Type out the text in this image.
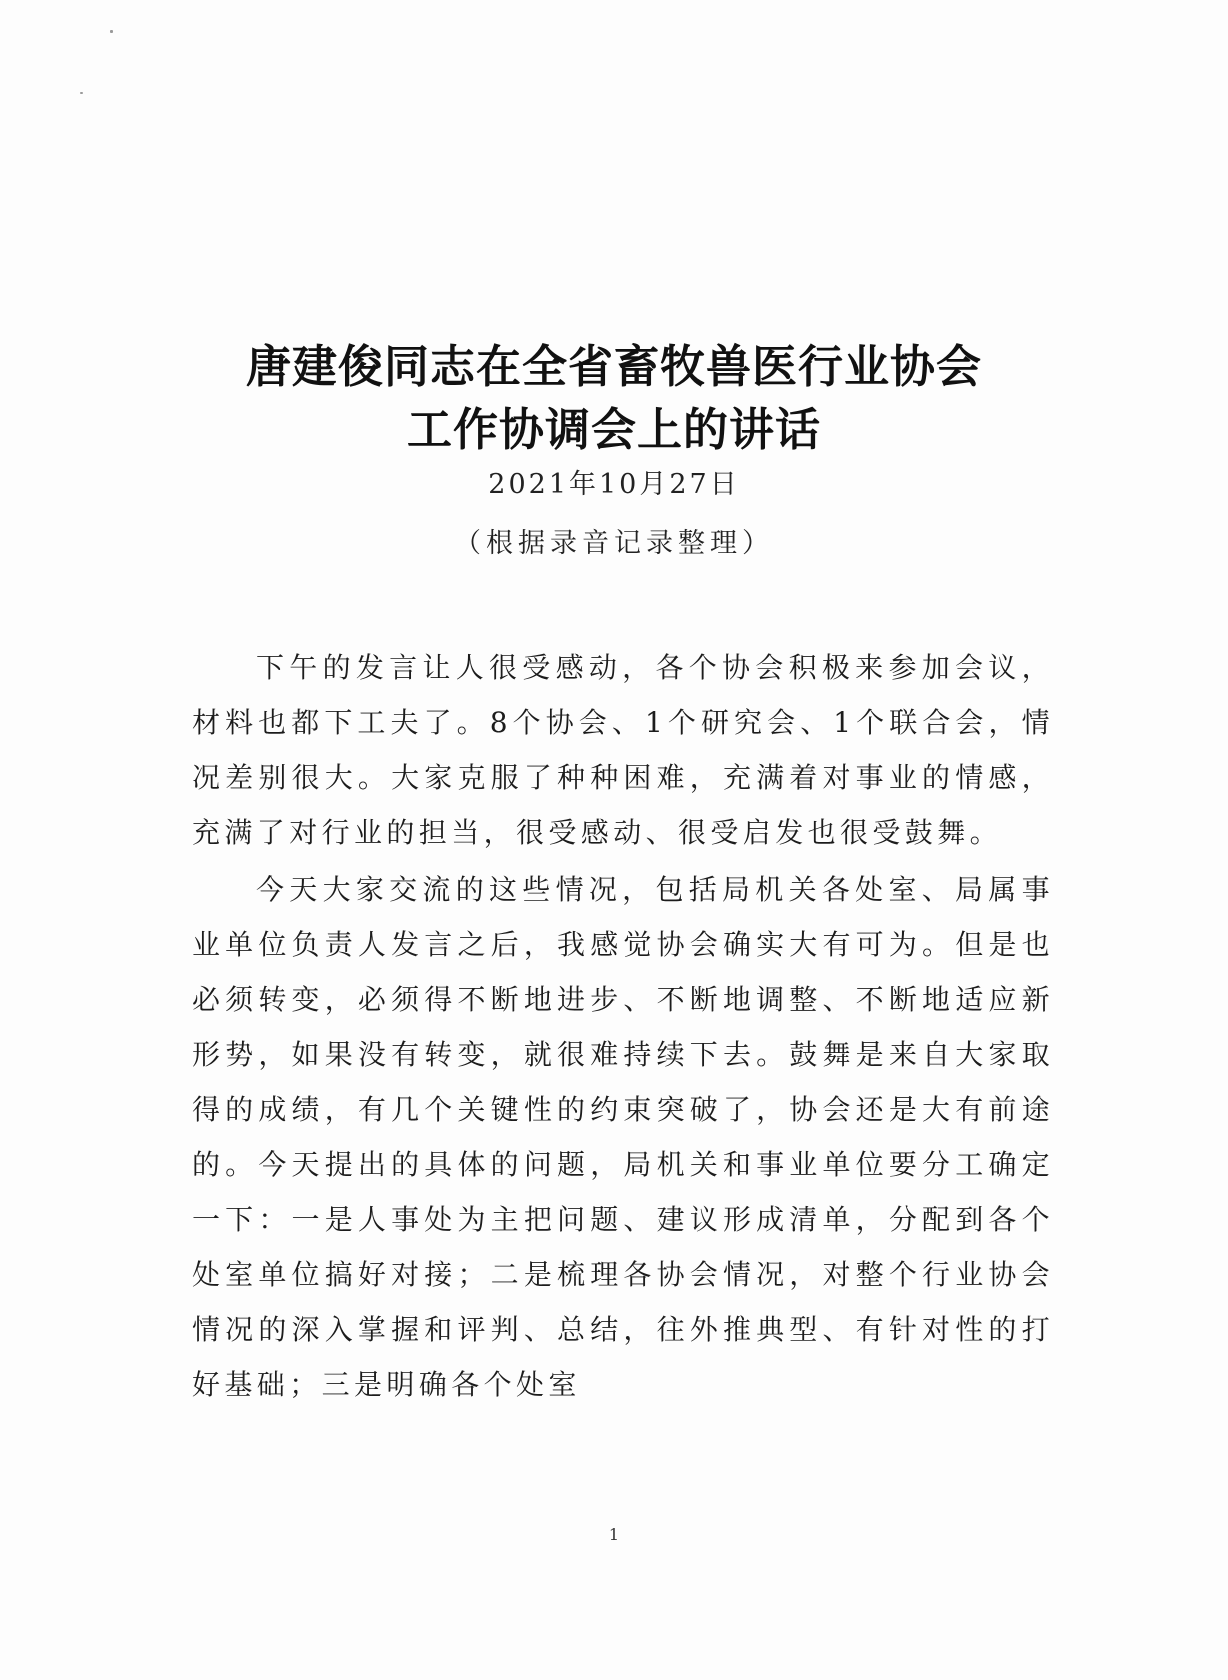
唐建俊同志在全省畜牧兽医行业协会
工作协调会上的讲话
2021年10月27日
（根据录音记录整理）

下午的发言让人很受感动，各个协会积极来参加会议，材料也都下工夫了。8个协会、1个研究会、1个联合会，情况差别很大。大家克服了种种困难，充满着对事业的情感，充满了对行业的担当，很受感动、很受启发也很受鼓舞。

今天大家交流的这些情况，包括局机关各处室、局属事业单位负责人发言之后，我感觉协会确实大有可为。但是也必须转变，必须得不断地进步、不断地调整、不断地适应新形势，如果没有转变，就很难持续下去。鼓舞是来自大家取得的成绩，有几个关键性的约束突破了，协会还是大有前途的。今天提出的具体的问题，局机关和事业单位要分工确定一下：一是人事处为主把问题、建议形成清单，分配到各个处室单位搞好对接；二是梳理各协会情况，对整个行业协会情况的深入掌握和评判、总结，往外推典型、有针对性的打好基础；三是明确各个处室

1
